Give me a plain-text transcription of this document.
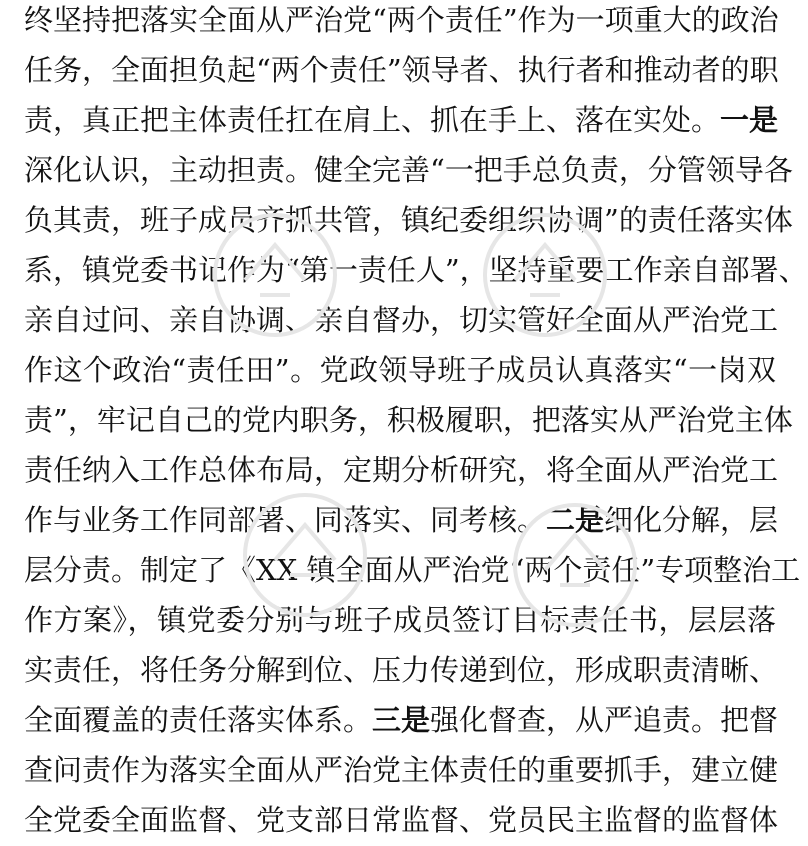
终坚持把落实全面从严治党“两个责任”作为一项重大的政治
任务，全面担负起“两个责任”领导者、执行者和推动者的职
责，真正把主体责任扛在肩上、抓在手上、落在实处。一是
深化认识，主动担责。健全完善“一把手总负责，分管领导各
负其责，班子成员齐抓共管，镇纪委组织协调”的责任落实体
系，镇党委书记作为“第一责任人”，坚持重要工作亲自部署、
亲自过问、亲自协调、亲自督办，切实管好全面从严治党工
作这个政治“责任田”。党政领导班子成员认真落实“一岗双
责”，牢记自己的党内职务，积极履职，把落实从严治党主体
责任纳入工作总体布局，定期分析研究，将全面从严治党工
作与业务工作同部署、同落实、同考核。二是细化分解，层
层分责。制定了《XX 镇全面从严治党“两个责任”专项整治工
作方案》，镇党委分别与班子成员签订目标责任书，层层落
实责任，将任务分解到位、压力传递到位，形成职责清晰、
全面覆盖的责任落实体系。三是强化督查，从严追责。把督
查问责作为落实全面从严治党主体责任的重要抓手，建立健
全党委全面监督、党支部日常监督、党员民主监督的监督体
